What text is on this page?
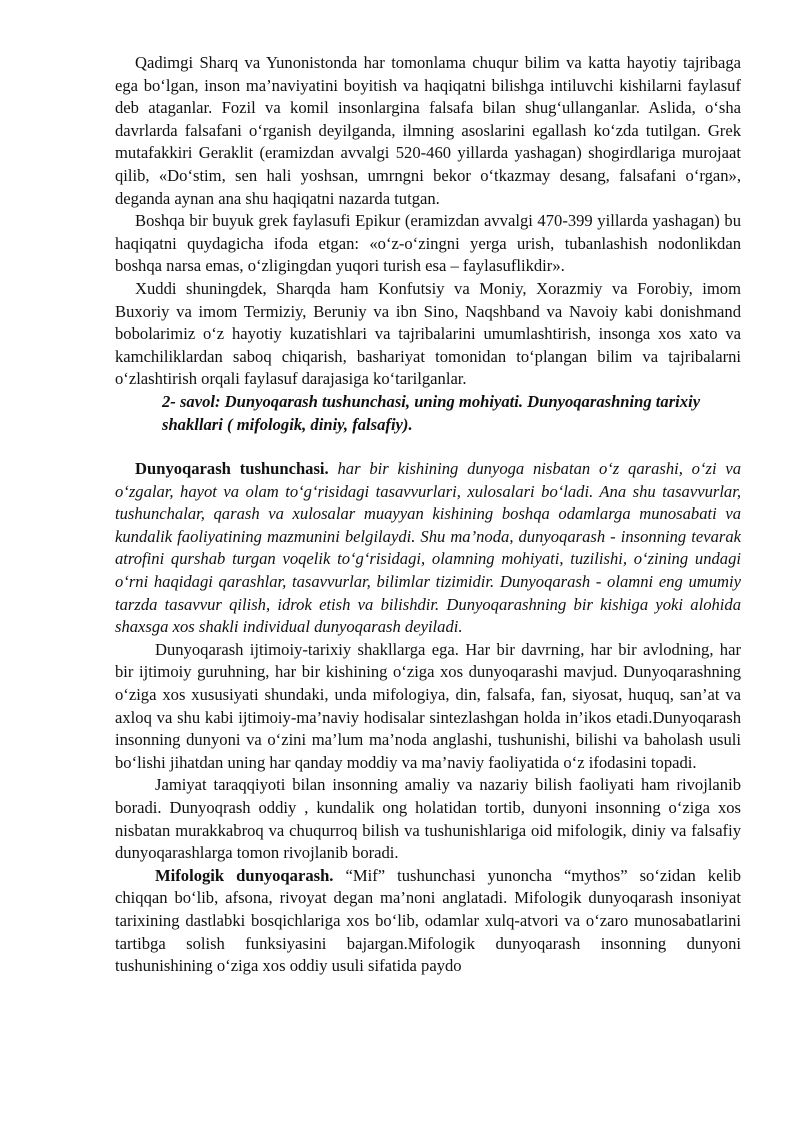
Qadimgi Sharq va Yunonistonda har tomonlama chuqur bilim va katta hayotiy tajribaga ega bo‘lgan, inson ma’naviyatini boyitish va haqiqatni bilishga intiluvchi kishilarni faylasuf deb ataganlar. Fozil va komil insonlargina falsafa bilan shug‘ullanganlar. Aslida, o‘sha davrlarda falsafani o‘rganish deyilganda, ilmning asoslarini egallash ko‘zda tutilgan. Grek mutafakkiri Geraklit (eramizdan avvalgi 520-460 yillarda yashagan) shogirdlariga murojaat qilib, «Do‘stim, sen hali yoshsan, umrngni bekor o‘tkazmay desang, falsafani o‘rgan», deganda aynan ana shu haqiqatni nazarda tutgan.

Boshqa bir buyuk grek faylasufi Epikur (eramizdan avvalgi 470-399 yillarda yashagan) bu haqiqatni quydagicha ifoda etgan: «o‘z-o‘zingni yerga urish, tubanlashish nodonlikdan boshqa narsa emas, o‘zligingdan yuqori turish esa – faylasuflikdir».

Xuddi shuningdek, Sharqda ham Konfutsiy va Moniy, Xorazmiy va Forobiy, imom Buxoriy va imom Termiziy, Beruniy va ibn Sino, Naqshband va Navoiy kabi donishmand bobolarimiz o‘z hayotiy kuzatishlari va tajribalarini umumlashtirish, insonga xos xato va kamchiliklardan saboq chiqarish, bashariyat tomonidan to‘plangan bilim va tajribalarni o‘zlashtirish orqali faylasuf darajasiga ko‘tarilganlar.

2- savol: Dunyoqarash tushunchasi, uning mohiyati. Dunyoqarashning tarixiy shakllari ( mifologik, diniy, falsafiy).

Dunyoqarash tushunchasi. har bir kishining dunyoga nisbatan o‘z qarashi, o‘zi va o‘zgalar, hayot va olam to‘g‘risidagi tasavvurlari, xulosalari bo‘ladi. Ana shu tasavvurlar, tushunchalar, qarash va xulosalar muayyan kishining boshqa odamlarga munosabati va kundalik faoliyatining mazmunini belgilaydi. Shu ma’noda, dunyoqarash - insonning tevarak atrofini qurshab turgan voqelik to‘g‘risidagi, olamning mohiyati, tuzilishi, o‘zining undagi o‘rni haqidagi qarashlar, tasavvurlar, bilimlar tizimidir. Dunyoqarash - olamni eng umumiy tarzda tasavvur qilish, idrok etish va bilishdir. Dunyoqarashning bir kishiga yoki alohida shaxsga xos shakli individual dunyoqarash deyiladi.

Dunyoqarash ijtimoiy-tarixiy shakllarga ega. Har bir davrning, har bir avlodning, har bir ijtimoiy guruhning, har bir kishining o‘ziga xos dunyoqarashi mavjud. Dunyoqarashning o‘ziga xos xususiyati shundaki, unda mifologiya, din, falsafa, fan, siyosat, huquq, san’at va axloq va shu kabi ijtimoiy-ma’naviy hodisalar sintezlashgan holda in’ikos etadi.Dunyoqarash insonning dunyoni va o‘zini ma’lum ma’noda anglashi, tushunishi, bilishi va baholash usuli bo‘lishi jihatdan uning har qanday moddiy va ma’naviy faoliyatida o‘z ifodasini topadi.

Jamiyat taraqqiyoti bilan insonning amaliy va nazariy bilish faoliyati ham rivojlanib boradi. Dunyoqrash oddiy , kundalik ong holatidan tortib, dunyoni insonning o‘ziga xos nisbatan murakkabroq va chuqurroq bilish va tushunishlariga oid mifologik, diniy va falsafiy dunyoqarashlarga tomon rivojlanib boradi.

Mifologik dunyoqarash. “Mif” tushunchasi yunoncha “mythos” so‘zidan kelib chiqqan bo‘lib, afsona, rivoyat degan ma’noni anglatadi. Mifologik dunyoqarash insoniyat tarixining dastlabki bosqichlariga xos bo‘lib, odamlar xulq-atvori va o‘zaro munosabatlarini tartibga solish funksiyasini bajargan.Mifologik dunyoqarash insonning dunyoni tushunishining o‘ziga xos oddiy usuli sifatida paydo
